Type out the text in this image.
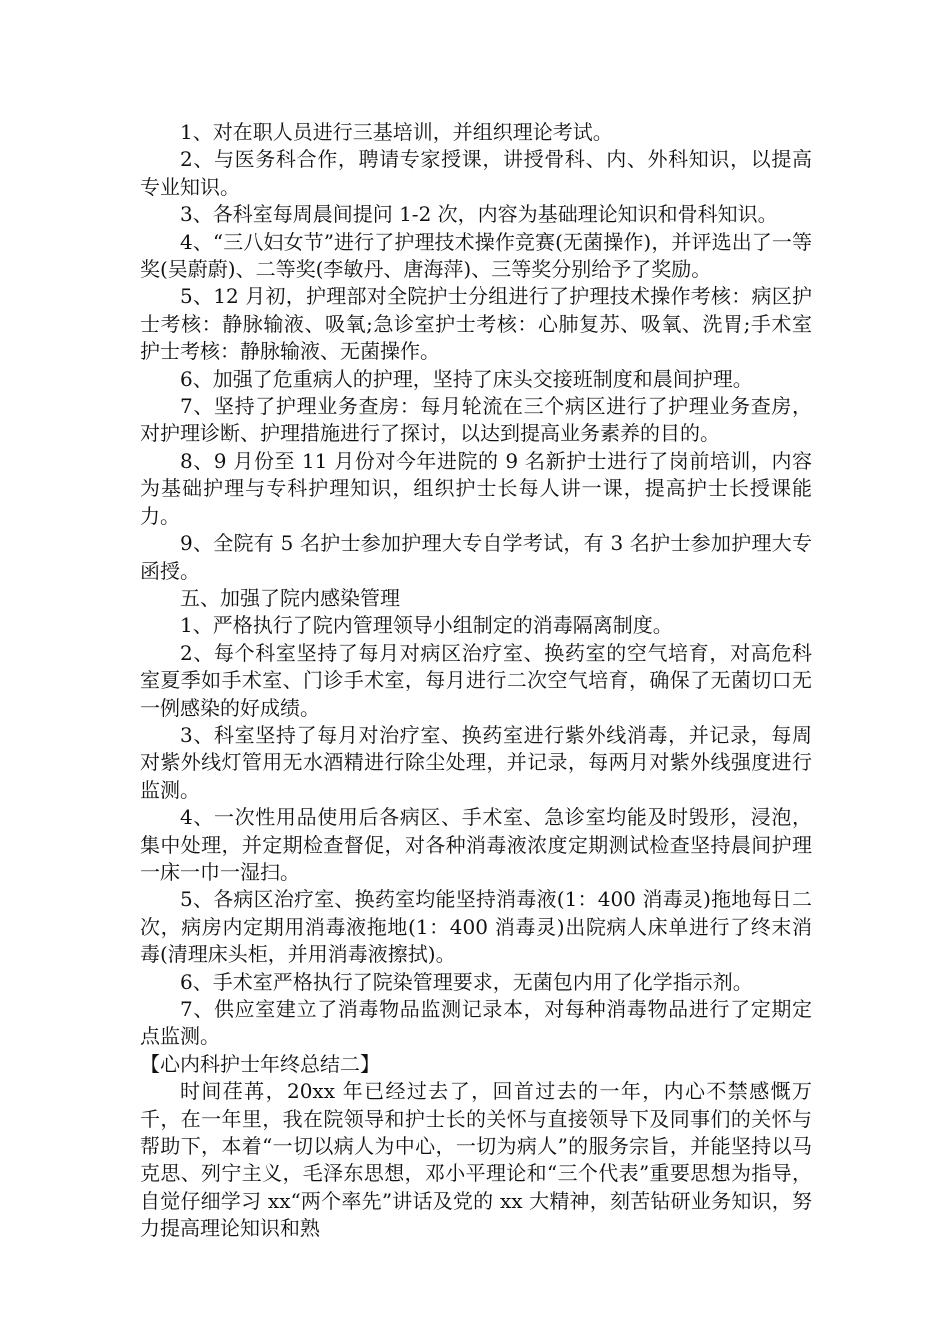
1、对在职人员进行三基培训，并组织理论考试。

2、与医务科合作，聘请专家授课，讲授骨科、内、外科知识，以提高专业知识。

3、各科室每周晨间提问 1-2 次，内容为基础理论知识和骨科知识。

4、“三八妇女节”进行了护理技术操作竞赛(无菌操作)，并评选出了一等奖(吴蔚蔚)、二等奖(李敏丹、唐海萍)、三等奖分别给予了奖励。

5、12 月初，护理部对全院护士分组进行了护理技术操作考核：病区护士考核：静脉输液、吸氧;急诊室护士考核：心肺复苏、吸氧、洗胃;手术室护士考核：静脉输液、无菌操作。

6、加强了危重病人的护理，坚持了床头交接班制度和晨间护理。

7、坚持了护理业务查房：每月轮流在三个病区进行了护理业务查房，对护理诊断、护理措施进行了探讨，以达到提高业务素养的目的。

8、9 月份至 11 月份对今年进院的 9 名新护士进行了岗前培训，内容为基础护理与专科护理知识，组织护士长每人讲一课，提高护士长授课能力。

9、全院有 5 名护士参加护理大专自学考试，有 3 名护士参加护理大专函授。

五、加强了院内感染管理

1、严格执行了院内管理领导小组制定的消毒隔离制度。

2、每个科室坚持了每月对病区治疗室、换药室的空气培育，对高危科室夏季如手术室、门诊手术室，每月进行二次空气培育，确保了无菌切口无一例感染的好成绩。

3、科室坚持了每月对治疗室、换药室进行紫外线消毒，并记录，每周对紫外线灯管用无水酒精进行除尘处理，并记录，每两月对紫外线强度进行监测。

4、一次性用品使用后各病区、手术室、急诊室均能及时毁形，浸泡，集中处理，并定期检查督促，对各种消毒液浓度定期测试检查坚持晨间护理一床一巾一湿扫。

5、各病区治疗室、换药室均能坚持消毒液(1：400 消毒灵)拖地每日二次，病房内定期用消毒液拖地(1：400 消毒灵)出院病人床单进行了终末消毒(清理床头柜，并用消毒液擦拭)。

6、手术室严格执行了院染管理要求，无菌包内用了化学指示剂。

7、供应室建立了消毒物品监测记录本，对每种消毒物品进行了定期定点监测。

【心内科护士年终总结二】

时间荏苒，20xx 年已经过去了，回首过去的一年，内心不禁感慨万千，在一年里，我在院领导和护士长的关怀与直接领导下及同事们的关怀与帮助下，本着“一切以病人为中心，一切为病人”的服务宗旨，并能坚持以马克思、列宁主义，毛泽东思想，邓小平理论和“三个代表”重要思想为指导，自觉仔细学习 xx“两个率先”讲话及党的 xx 大精神，刻苦钻研业务知识，努力提高理论知识和熟
